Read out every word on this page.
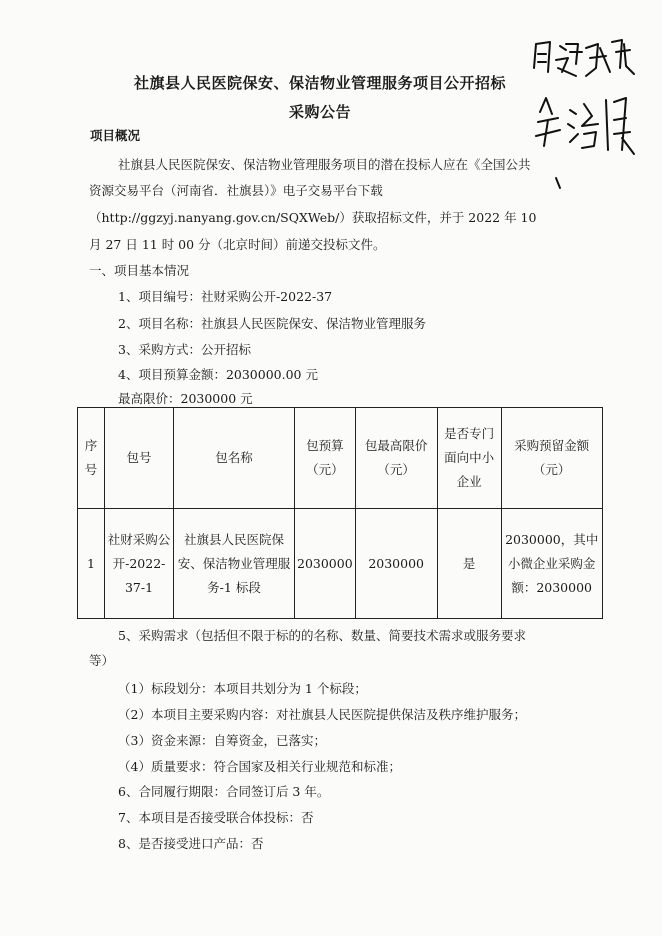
社旗县人民医院保安、保洁物业管理服务项目公开招标
采购公告
项目概况
社旗县人民医院保安、保洁物业管理服务项目的潜在投标人应在《全国公共
资源交易平台（河南省．社旗县）》电子交易平台下载
（http://ggzyj.nanyang.gov.cn/SQXWeb/）获取招标文件，并于 2022 年 10
月 27 日 11 时 00 分（北京时间）前递交投标文件。
一、项目基本情况
1、项目编号：社财采购公开-2022-37
2、项目名称：社旗县人民医院保安、保洁物业管理服务
3、采购方式：公开招标
4、项目预算金额：2030000.00 元
最高限价：2030000 元
序号	包号	包名称	包预算（元）	包最高限价（元）	是否专门面向中小企业	采购预留金额（元）
1	社财采购公开-2022-37-1	社旗县人民医院保安、保洁物业管理服务-1 标段	2030000	2030000	是	2030000，其中小微企业采购金额：2030000
5、采购需求（包括但不限于标的的名称、数量、简要技术需求或服务要求
等）
（1）标段划分：本项目共划分为 1 个标段；
（2）本项目主要采购内容：对社旗县人民医院提供保洁及秩序维护服务；
（3）资金来源：自筹资金，已落实；
（4）质量要求：符合国家及相关行业规范和标准；
6、合同履行期限：合同签订后 3 年。
7、本项目是否接受联合体投标：否
8、是否接受进口产品：否
